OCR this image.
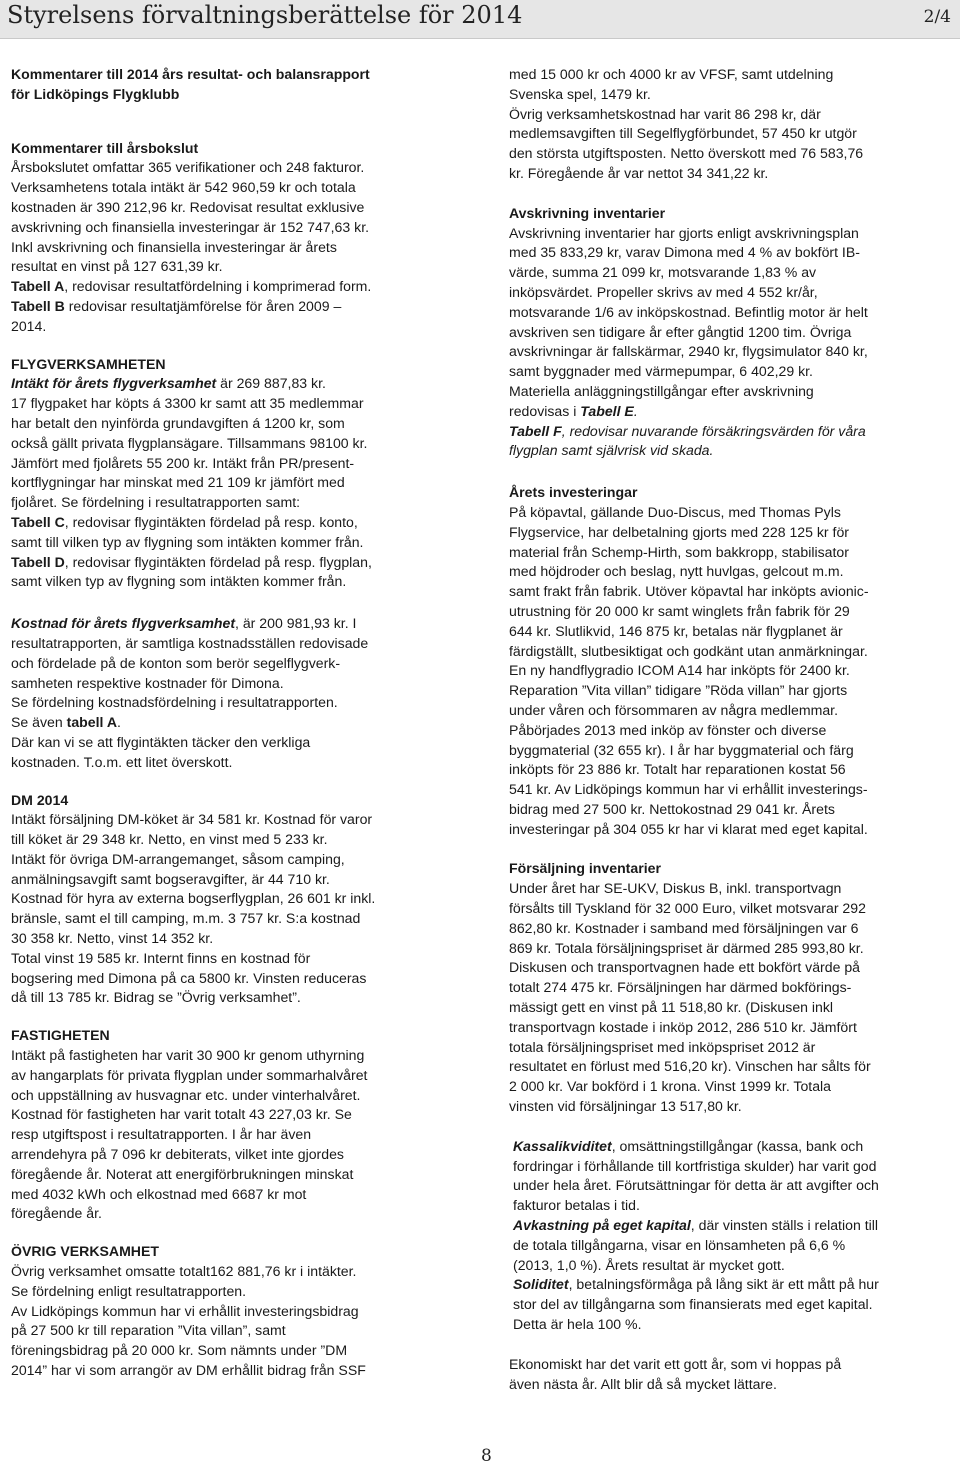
Styrelsens förvaltningsberättelse för 2014	2/4

Kommentarer till 2014 års resultat- och balansrapport
för Lidköpings Flygklubb

Kommentarer till årsbokslut
Årsbokslutet omfattar 365 verifikationer och 248 fakturor.
Verksamhetens totala intäkt är 542 960,59 kr och totala
kostnaden är 390 212,96 kr. Redovisat resultat exklusive
avskrivning och finansiella investeringar är 152 747,63 kr.
Inkl avskrivning och finansiella investeringar är årets
resultat en vinst på 127 631,39 kr.
Tabell A, redovisar resultatfördelning i komprimerad form.
Tabell B redovisar resultatjämförelse för åren 2009 –
2014.

FLYGVERKSAMHETEN
Intäkt för årets flygverksamhet är 269 887,83 kr.
17 flygpaket har köpts á 3300 kr samt att 35 medlemmar
har betalt den nyinförda grundavgiften á 1200 kr, som
också gällt privata flygplansägare. Tillsammans 98100 kr.
Jämfört med fjolårets 55 200 kr. Intäkt från PR/present-
kortflygningar har minskat med 21 109 kr jämfört med
fjolåret. Se fördelning i resultatrapporten samt:
Tabell C, redovisar flygintäkten fördelad på resp. konto,
samt till vilken typ av flygning som intäkten kommer från.
Tabell D, redovisar flygintäkten fördelad på resp. flygplan,
samt vilken typ av flygning som intäkten kommer från.

Kostnad för årets flygverksamhet, är 200 981,93 kr. I
resultatrapporten, är samtliga kostnadsställen redovisade
och fördelade på de konton som berör segelflygverk-
samheten respektive kostnader för Dimona.
Se fördelning kostnadsfördelning i resultatrapporten.
Se även tabell A.
Där kan vi se att flygintäkten täcker den verkliga
kostnaden. T.o.m. ett litet överskott.

DM 2014
Intäkt försäljning DM-köket är 34 581 kr. Kostnad för varor
till köket är 29 348 kr. Netto, en vinst med 5 233 kr.
Intäkt för övriga DM-arrangemanget, såsom camping,
anmälningsavgift samt bogseravgifter, är 44 710 kr.
Kostnad för hyra av externa bogserflygplan, 26 601 kr inkl.
bränsle, samt el till camping, m.m. 3 757 kr. S:a kostnad
30 358 kr. Netto, vinst 14 352 kr.
Total vinst 19 585 kr. Internt finns en kostnad för
bogsering med Dimona på ca 5800 kr. Vinsten reduceras
då till 13 785 kr. Bidrag se ”Övrig verksamhet”.

FASTIGHETEN
Intäkt på fastigheten har varit 30 900 kr genom uthyrning
av hangarplats för privata flygplan under sommarhalvåret
och uppställning av husvagnar etc. under vinterhalvåret.
Kostnad för fastigheten har varit totalt 43 227,03 kr. Se
resp utgiftspost i resultatrapporten. I år har även
arrendehyra på 7 096 kr debiterats, vilket inte gjordes
föregående år. Noterat att energiförbrukningen minskat
med 4032 kWh och elkostnad med 6687 kr mot
föregående år.

ÖVRIG VERKSAMHET
Övrig verksamhet omsatte totalt162 881,76 kr i intäkter.
Se fördelning enligt resultatrapporten.
Av Lidköpings kommun har vi erhållit investeringsbidrag
på 27 500 kr till reparation ”Vita villan”, samt
föreningsbidrag på 20 000 kr. Som nämnts under ”DM
2014” har vi som arrangör av DM erhållit bidrag från SSF

med 15 000 kr och 4000 kr av VFSF, samt utdelning
Svenska spel, 1479 kr.
Övrig verksamhetskostnad har varit 86 298 kr, där
medlemsavgiften till Segelflygförbundet, 57 450 kr utgör
den största utgiftsposten. Netto överskott med 76 583,76
kr. Föregående år var nettot 34 341,22 kr.

Avskrivning inventarier
Avskrivning inventarier har gjorts enligt avskrivningsplan
med 35 833,29 kr, varav Dimona med 4 % av bokfört IB-
värde, summa 21 099 kr, motsvarande 1,83 % av
inköpsvärdet. Propeller skrivs av med 4 552 kr/år,
motsvarande 1/6 av inköpskostnad. Befintlig motor är helt
avskriven sen tidigare år efter gångtid 1200 tim. Övriga
avskrivningar är fallskärmar, 2940 kr, flygsimulator 840 kr,
samt byggnader med värmepumpar, 6 402,29 kr.
Materiella anläggningstillgångar efter avskrivning
redovisas i Tabell E.
Tabell F, redovisar nuvarande försäkringsvärden för våra
flygplan samt självrisk vid skada.

Årets investeringar
På köpavtal, gällande Duo-Discus, med Thomas Pyls
Flygservice, har delbetalning gjorts med 228 125 kr för
material från Schemp-Hirth, som bakkropp, stabilisator
med höjdroder och beslag, nytt huvlgas, gelcout m.m.
samt frakt från fabrik. Utöver köpavtal har inköpts avionic-
utrustning för 20 000 kr samt winglets från fabrik för 29
644 kr. Slutlikvid, 146 875 kr, betalas när flygplanet är
färdigställt, slutbesiktigat och godkänt utan anmärkningar.
En ny handflygradio ICOM A14 har inköpts för 2400 kr.
Reparation ”Vita villan” tidigare ”Röda villan” har gjorts
under våren och försommaren av några medlemmar.
Påbörjades 2013 med inköp av fönster och diverse
byggmaterial (32 655 kr). I år har byggmaterial och färg
inköpts för 23 886 kr. Totalt har reparationen kostat 56
541 kr. Av Lidköpings kommun har vi erhållit investerings-
bidrag med 27 500 kr. Nettokostnad 29 041 kr. Årets
investeringar på 304 055 kr har vi klarat med eget kapital.

Försäljning inventarier
Under året har SE-UKV, Diskus B, inkl. transportvagn
försålts till Tyskland för 32 000 Euro, vilket motsvarar 292
862,80 kr. Kostnader i samband med försäljningen var 6
869 kr. Totala försäljningspriset är därmed 285 993,80 kr.
Diskusen och transportvagnen hade ett bokfört värde på
totalt 274 475 kr. Försäljningen har därmed bokförings-
mässigt gett en vinst på 11 518,80 kr. (Diskusen inkl
transportvagn kostade i inköp 2012, 286 510 kr. Jämfört
totala försäljningspriset med inköpspriset 2012 är
resultatet en förlust med 516,20 kr). Vinschen har sålts för
2 000 kr. Var bokförd i 1 krona. Vinst 1999 kr. Totala
vinsten vid försäljningar 13 517,80 kr.

Kassalikviditet, omsättningstillgångar (kassa, bank och
fordringar i förhållande till kortfristiga skulder) har varit god
under hela året. Förutsättningar för detta är att avgifter och
fakturor betalas i tid.
Avkastning på eget kapital, där vinsten ställs i relation till
de totala tillgångarna, visar en lönsamheten på 6,6 %
(2013, 1,0 %). Årets resultat är mycket gott.
Soliditet, betalningsförmåga på lång sikt är ett mått på hur
stor del av tillgångarna som finansierats med eget kapital.
Detta är hela 100 %.

Ekonomiskt har det varit ett gott år, som vi hoppas på
även nästa år. Allt blir då så mycket lättare.

8
